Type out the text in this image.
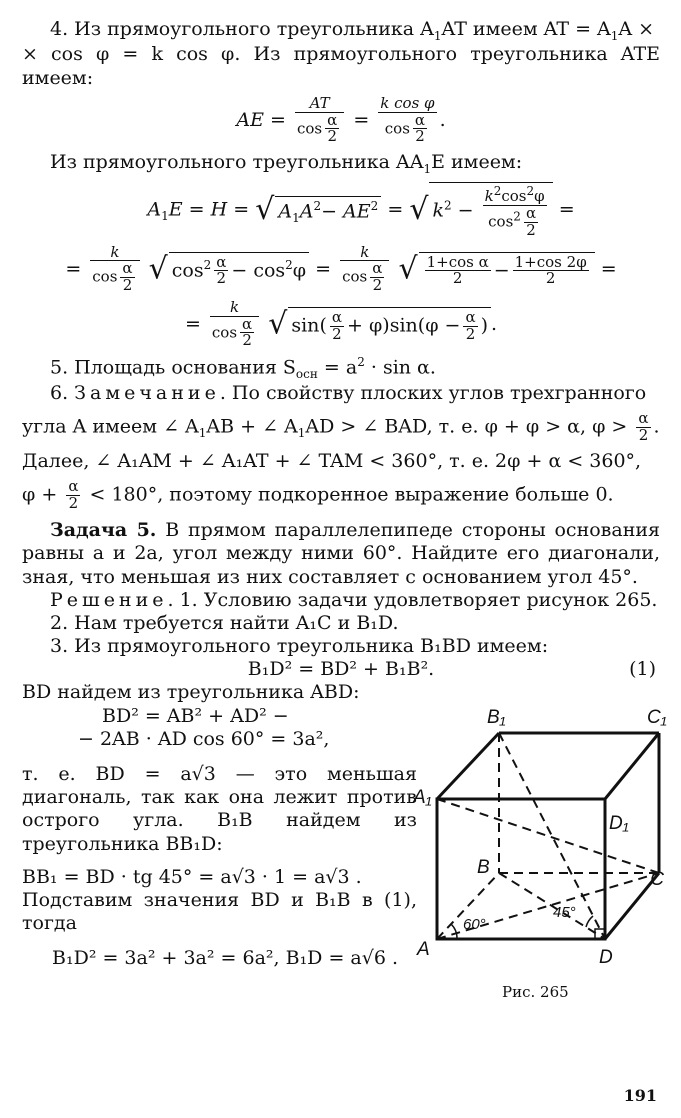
4. Из прямоугольного треугольника $A_1AT$ имеем AT = $A_1A$ ×

× cos φ = k cos φ. Из прямоугольного треугольника ATE имеем:

AE = $\frac{AT}{\cos \frac{\alpha}{2}} = \frac{\text{k cos φ}}{\cos \frac{\alpha}{2}}$ .

Из прямоугольного треугольника $AA_1E$ имеем:

$A_1E = H$ = √ $A_1A^2- AE^2$ = √ $k^2 - \frac{k^2\cos^2\varphi}{\cos^2 \frac{\alpha}{2}}$ =

= $\frac{k}{\cos \frac{\alpha}{2}}$ √ $\cos^2 \frac{\alpha}{2} - \cos^2\varphi = \frac{k}{\cos \frac{\alpha}{2}}$ √ $\frac{\text{1+cos α}}{2} - \frac{1+\cos 2\varphi}{2}$ =

= $\frac{k}{\cos \frac{\alpha}{2}}$ √ $\sin( \frac{\alpha}{2} + \varphi)\sin(\varphi - \frac{\alpha}{2}$ ) .

5. Площадь основания $S_{осн} = a^2 \cdot \sin \alpha$.

6. Замечание. По свойству плоских углов трехгранного

угла A имеем ∠ $A_1AB$ + ∠ $A_1AD$ > ∠ BAD, т. е. φ + φ > α, $\varphi > \frac{\alpha}{2}$ .

Далее, ∠ A₁AM + ∠ A₁AT + ∠ TAM < 360°, т. е. 2φ + α < 360°,

$\varphi + \frac{\alpha}{2} < 180^\circ$, поэтому подкоренное выражение больше 0.

Задача 5. В прямом параллелепипеде стороны основания равны a и 2a, угол между ними 60°. Найдите его диагонали, зная, что меньшая из них составляет с основанием угол 45°.

Решение. 1. Условию задачи удовлетворяет рисунок 265.

2. Нам требуется найти A₁C и B₁D.

3. Из прямоугольного треугольника B₁BD имеем:

B₁D² = BD² + B₁B².	(1)

BD найдем из треугольника ABD:

BD² = AB² + AD² −

− 2AB · AD cos 60° = 3a²,

т. е. BD = a√3 — это меньшая диагональ, так как она лежит против острого угла. B₁B найдем из треугольника BB₁D:

BB₁ = BD · tg 45° = a√3 · 1 = a√3 .

Подставим значения BD и B₁B в (1), тогда

B₁D² = 3a² + 3a² = 6a², B₁D = a√6 .

B₁	C₁
A₁
D₁
B
C
A	D
60°
45°
Рис. 265
191
